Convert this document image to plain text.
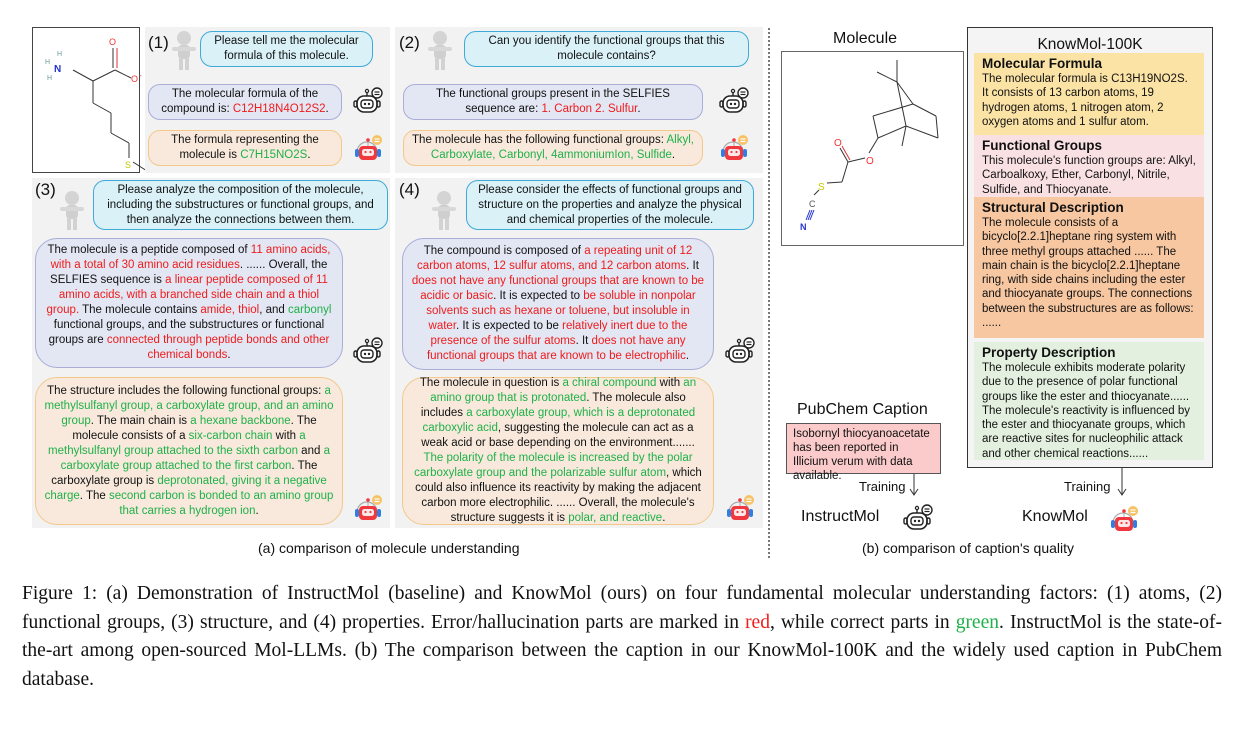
O
O -
N
H
H
H
S
(1)	Please tell me the molecular formula of this molecule.
The molecular formula of the compound is: C12H18N4O12S2.
The formula representing the molecule is C7H15NO2S.
(2)	Can you identify the functional groups that this molecule contains?
The functional groups present in the SELFIES sequence are: 1. Carbon 2. Sulfur.
The molecule has the following functional groups: Alkyl, Carboxylate, Carbonyl, 4ammoniumIon, Sulfide.
(3)	Please analyze the composition of the molecule, including the substructures or functional groups, and then analyze the connections between them.
The molecule is a peptide composed of 11 amino acids, with a total of 30 amino acid residues. ...... Overall, the SELFIES sequence is a linear peptide composed of 11 amino acids, with a branched side chain and a thiol group. The molecule contains amide, thiol, and carbonyl functional groups, and the substructures or functional groups are connected through peptide bonds and other chemical bonds.
The structure includes the following functional groups: a methylsulfanyl group, a carboxylate group, and an amino group. The main chain is a hexane backbone. The molecule consists of a six-carbon chain with a methylsulfanyl group attached to the sixth carbon and a carboxylate group attached to the first carbon. The carboxylate group is deprotonated, giving it a negative charge. The second carbon is bonded to an amino group that carries a hydrogen ion.
(4)	Please consider the effects of functional groups and structure on the properties and analyze the physical and chemical properties of the molecule.
The compound is composed of a repeating unit of 12 carbon atoms, 12 sulfur atoms, and 12 carbon atoms. It does not have any functional groups that are known to be acidic or basic. It is expected to be soluble in nonpolar solvents such as hexane or toluene, but insoluble in water. It is expected to be relatively inert due to the presence of the sulfur atoms. It does not have any functional groups that are known to be electrophilic.
The molecule in question is a chiral compound with an amino group that is protonated. The molecule also includes a carboxylate group, which is a deprotonated carboxylic acid, suggesting the molecule can act as a weak acid or base depending on the environment....... The polarity of the molecule is increased by the polar carboxylate group and the polarizable sulfur atom, which could also influence its reactivity by making the adjacent carbon more electrophilic. ...... Overall, the molecule's structure suggests it is polar, and reactive.
(a) comparison of molecule understanding
Molecule
O
O
S
C
N
KnowMol-100K
Molecular Formula
The molecular formula is C13H19NO2S. It consists of 13 carbon atoms, 19 hydrogen atoms, 1 nitrogen atom, 2 oxygen atoms and 1 sulfur atom.
Functional Groups
This molecule's function groups are: Alkyl, Carboalkoxy, Ether, Carbonyl, Nitrile, Sulfide, and Thiocyanate.
Structural Description
The molecule consists of a bicyclo[2.2.1]heptane ring system with three methyl groups attached ...... The main chain is the bicyclo[2.2.1]heptane ring, with side chains including the ester and thiocyanate groups. The connections between the substructures are as follows: ......
Property Description
The molecule exhibits moderate polarity due to the presence of polar functional groups like the ester and thiocyanate...... The molecule's reactivity is influenced by the ester and thiocyanate groups, which are reactive sites for nucleophilic attack and other chemical reactions......
PubChem Caption
Isobornyl thiocyanoacetate has been reported in Illicium verum with data available.
Training	Training
InstructMol	KnowMol
(b) comparison of caption's quality
Figure 1: (a) Demonstration of InstructMol (baseline) and KnowMol (ours) on four fundamental molecular understanding factors: (1) atoms, (2) functional groups, (3) structure, and (4) properties. Error/hallucination parts are marked in red, while correct parts in green. InstructMol is the state-of-the-art among open-sourced Mol-LLMs. (b) The comparison between the caption in our KnowMol-100K and the widely used caption in PubChem database.
